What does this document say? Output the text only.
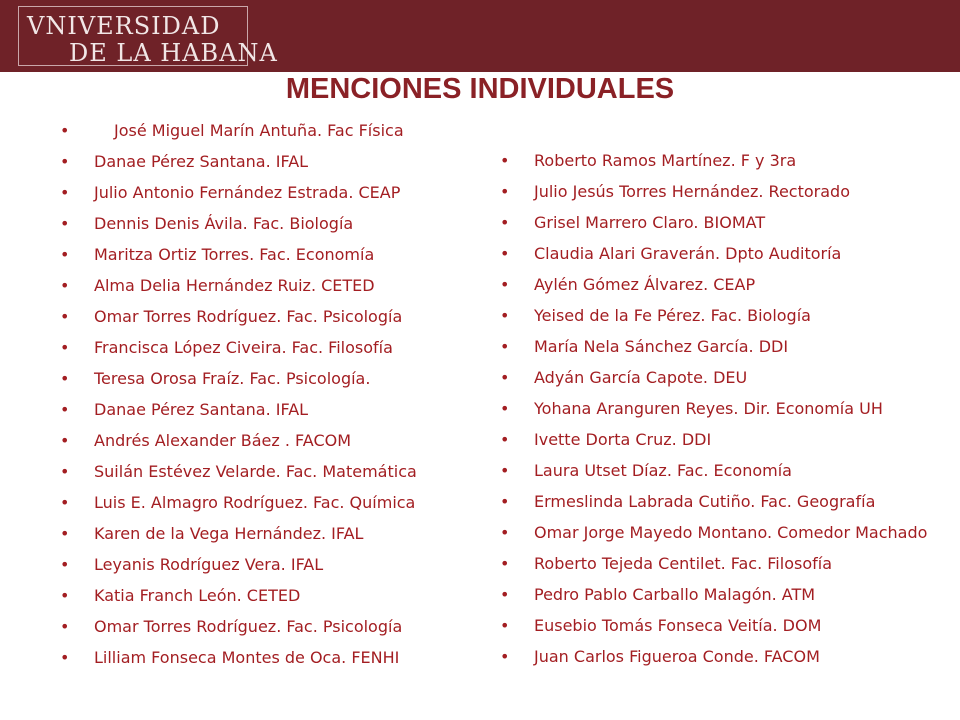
VNIVERSIDAD
DE LA HABANA
MENCIONES INDIVIDUALES
• José Miguel Marín Antuña. Fac Física
• Danae Pérez Santana. IFAL
• Julio Antonio Fernández Estrada. CEAP
• Dennis Denis Ávila. Fac. Biología
• Maritza Ortiz Torres. Fac. Economía
• Alma Delia Hernández Ruiz. CETED
• Omar Torres Rodríguez. Fac. Psicología
• Francisca López Civeira. Fac. Filosofía
• Teresa Orosa Fraíz. Fac. Psicología.
• Danae Pérez Santana. IFAL
• Andrés Alexander Báez . FACOM
• Suilán Estévez Velarde. Fac. Matemática
• Luis E. Almagro Rodríguez. Fac. Química
• Karen de la Vega Hernández. IFAL
• Leyanis Rodríguez Vera. IFAL
• Katia Franch León. CETED
• Omar Torres Rodríguez. Fac. Psicología
• Lilliam Fonseca Montes de Oca. FENHI
• Roberto Ramos Martínez. F y 3ra
• Julio Jesús Torres Hernández. Rectorado
• Grisel Marrero Claro. BIOMAT
• Claudia Alari Graverán. Dpto Auditoría
• Aylén Gómez Álvarez. CEAP
• Yeised de la Fe Pérez. Fac. Biología
• María Nela Sánchez García. DDI
• Adyán García Capote. DEU
• Yohana Aranguren Reyes. Dir. Economía UH
• Ivette Dorta Cruz. DDI
• Laura Utset Díaz. Fac. Economía
• Ermeslinda Labrada Cutiño. Fac. Geografía
• Omar Jorge Mayedo Montano. Comedor Machado
• Roberto Tejeda Centilet. Fac. Filosofía
• Pedro Pablo Carballo Malagón. ATM
• Eusebio Tomás Fonseca Veitía. DOM
• Juan Carlos Figueroa Conde. FACOM
